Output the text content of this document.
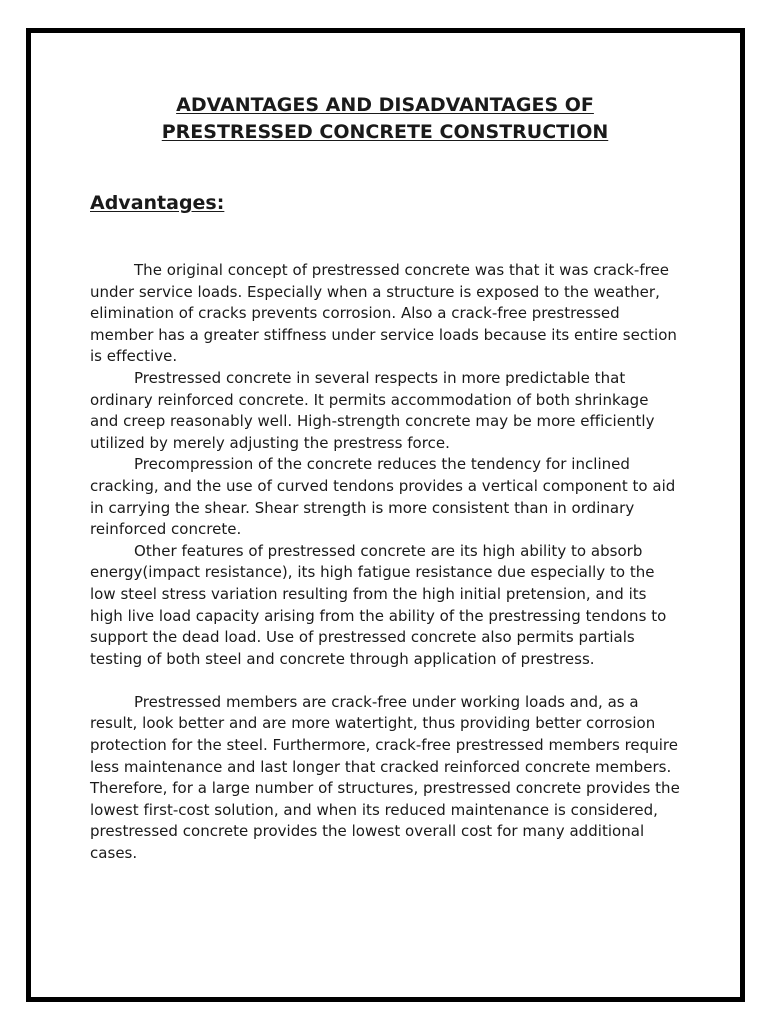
ADVANTAGES AND DISADVANTAGES OF
PRESTRESSED CONCRETE CONSTRUCTION
Advantages:

The original concept of prestressed concrete was that it was crack-free under service loads. Especially when a structure is exposed to the weather, elimination of cracks prevents corrosion. Also a crack-free prestressed member has a greater stiffness under service loads because its entire section is effective.

Prestressed concrete in several respects in more predictable that ordinary reinforced concrete. It permits accommodation of both shrinkage and creep reasonably well. High-strength concrete may be more efficiently utilized by merely adjusting the prestress force.

Precompression of the concrete reduces the tendency for inclined cracking, and the use of curved tendons provides a vertical component to aid in carrying the shear. Shear strength is more consistent than in ordinary reinforced concrete.

Other features of prestressed concrete are its high ability to absorb energy(impact resistance), its high fatigue resistance due especially to the low steel stress variation resulting from the high initial pretension, and its high live load capacity arising from the ability of the prestressing tendons to support the dead load. Use of prestressed concrete also permits partials testing of both steel and concrete through application of prestress.

Prestressed members are crack-free under working loads and, as a result, look better and are more watertight, thus providing better corrosion protection for the steel. Furthermore, crack-free prestressed members require less maintenance and last longer that cracked reinforced concrete members. Therefore, for a large number of structures, prestressed concrete provides the lowest first-cost solution, and when its reduced maintenance is considered, prestressed concrete provides the lowest overall cost for many additional cases.
